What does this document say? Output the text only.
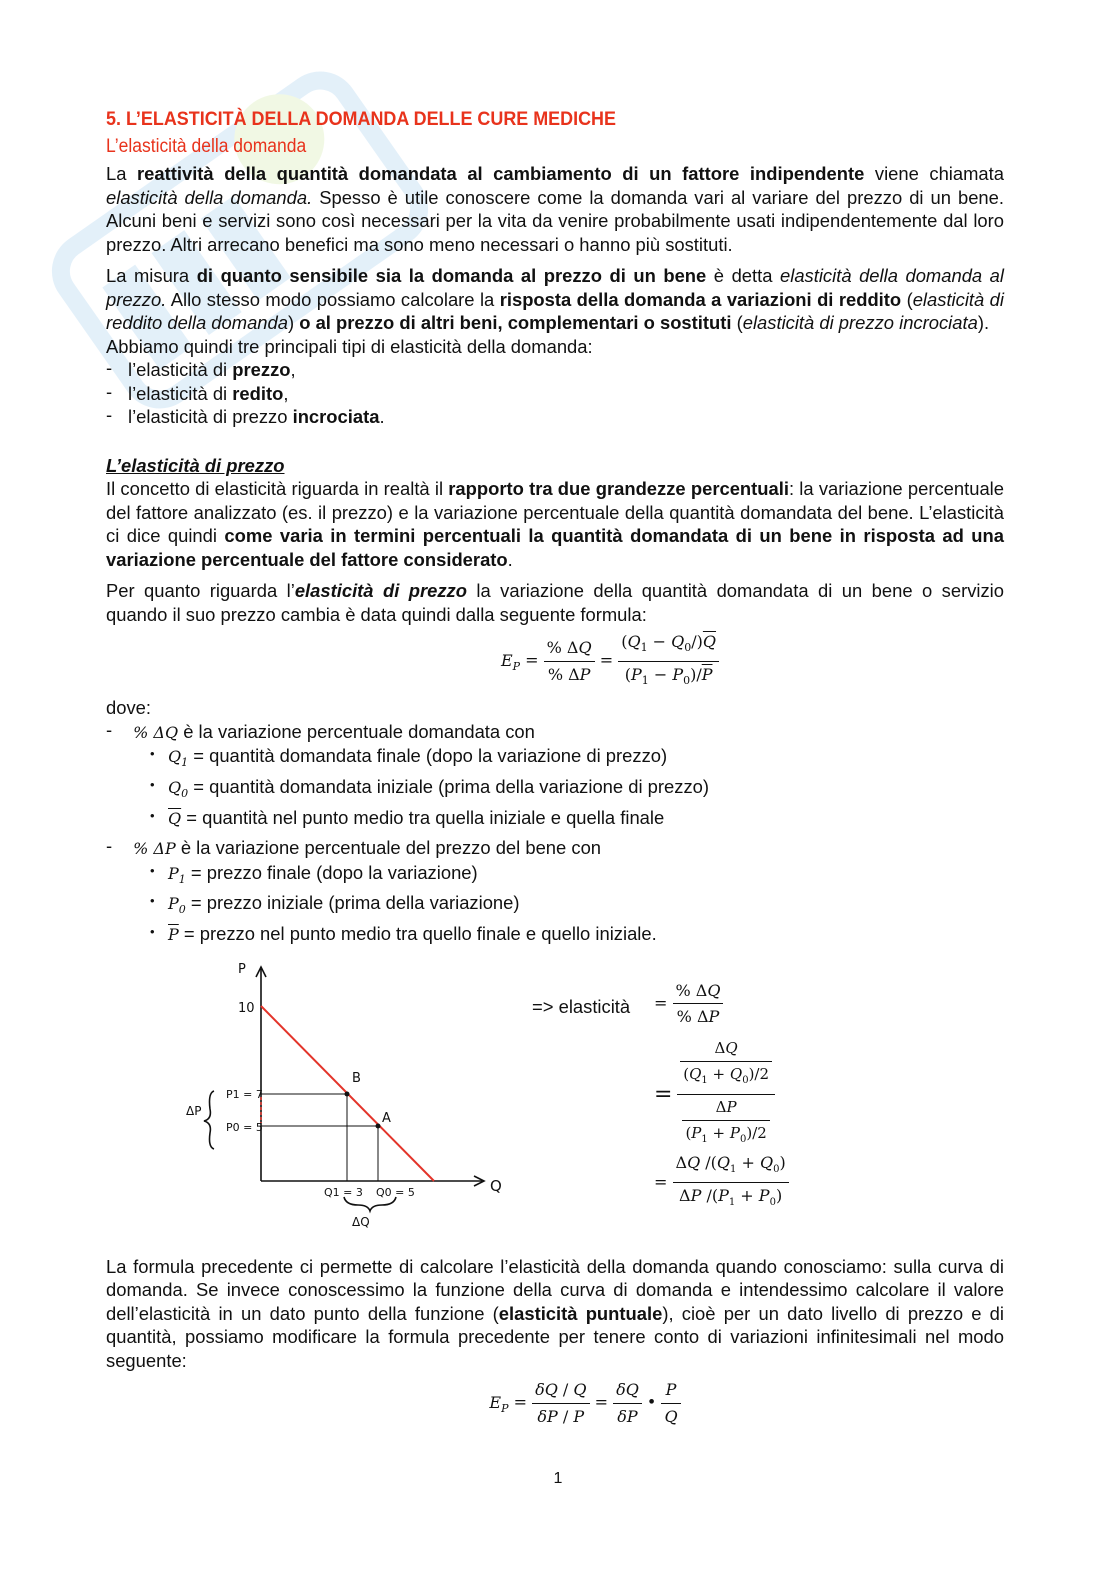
5. L’ELASTICITÀ DELLA DOMANDA DELLE CURE MEDICHE
L’elasticità della domanda

La reattività della quantità domandata al cambiamento di un fattore indipendente viene chiamata elasticità della domanda. Spesso è utile conoscere come la domanda vari al variare del prezzo di un bene. Alcuni beni e servizi sono così necessari per la vita da venire probabilmente usati indipendentemente dal loro prezzo. Altri arrecano benefici ma sono meno necessari o hanno più sostituti.

La misura di quanto sensibile sia la domanda al prezzo di un bene è detta elasticità della domanda al prezzo. Allo stesso modo possiamo calcolare la risposta della domanda a variazioni di reddito (elasticità di reddito della domanda) o al prezzo di altri beni, complementari o sostituti (elasticità di prezzo incrociata).

Abbiamo quindi tre principali tipi di elasticità della domanda:
- l’elasticità di prezzo,
- l’elasticità di redito,
- l’elasticità di prezzo incrociata.
L’elasticità di prezzo

Il concetto di elasticità riguarda in realtà il rapporto tra due grandezze percentuali: la variazione percentuale del fattore analizzato (es. il prezzo) e la variazione percentuale della quantità domandata del bene. L’elasticità ci dice quindi come varia in termini percentuali la quantità domandata di un bene in risposta ad una variazione percentuale del fattore considerato.

Per quanto riguarda l’elasticità di prezzo la variazione della quantità domandata di un bene o servizio quando il suo prezzo cambia è data quindi dalla seguente formula:

$E_P = \frac{\% \Delta Q}{\% \Delta P} = \frac{(Q_1 - Q_0/)\overline{Q}}{(P_1 - P_0)/\overline{P}}$
dove:
-  % ΔQ è la variazione percentuale domandata con
• $Q_1$ = quantità domandata finale (dopo la variazione di prezzo)
• $Q_0$ = quantità domandata iniziale (prima della variazione di prezzo)
• $\overline{Q}$ = quantità nel punto medio tra quella iniziale e quella finale
-  % ΔP è la variazione percentuale del prezzo del bene con
• $P_1$ = prezzo finale (dopo la variazione)
• $P_0$ = prezzo iniziale (prima della variazione)
• $\overline{P}$ = prezzo nel punto medio tra quello finale e quello iniziale.
P
Q
10
P1 = 7
P0 = 5
ΔP
Q1 = 3 Q0 = 5
ΔQ
B
A
=> elasticità = $\frac{\% \Delta Q}{\% \Delta P}$
= $\frac{\frac{\Delta Q}{(Q_1 + Q_0)/2}}{\frac{\Delta P}{(P_1 + P_0)/2}}$
= $\frac{\Delta Q /(Q_1 + Q_0)}{\Delta P /(P_1 + P_0)}$

La formula precedente ci permette di calcolare l’elasticità della domanda quando conosciamo: sulla curva di domanda. Se invece conoscessimo la funzione della curva di domanda e intendessimo calcolare il valore dell’elasticità in un dato punto della funzione (elasticità puntuale), cioè per un dato livello di prezzo e di quantità, possiamo modificare la formula precedente per tenere conto di variazioni infinitesimali nel modo seguente:

$E_P = \frac{\delta Q / Q}{\delta P / P} = \frac{\delta Q}{\delta P}$ • $\frac{P}{Q}$
1
